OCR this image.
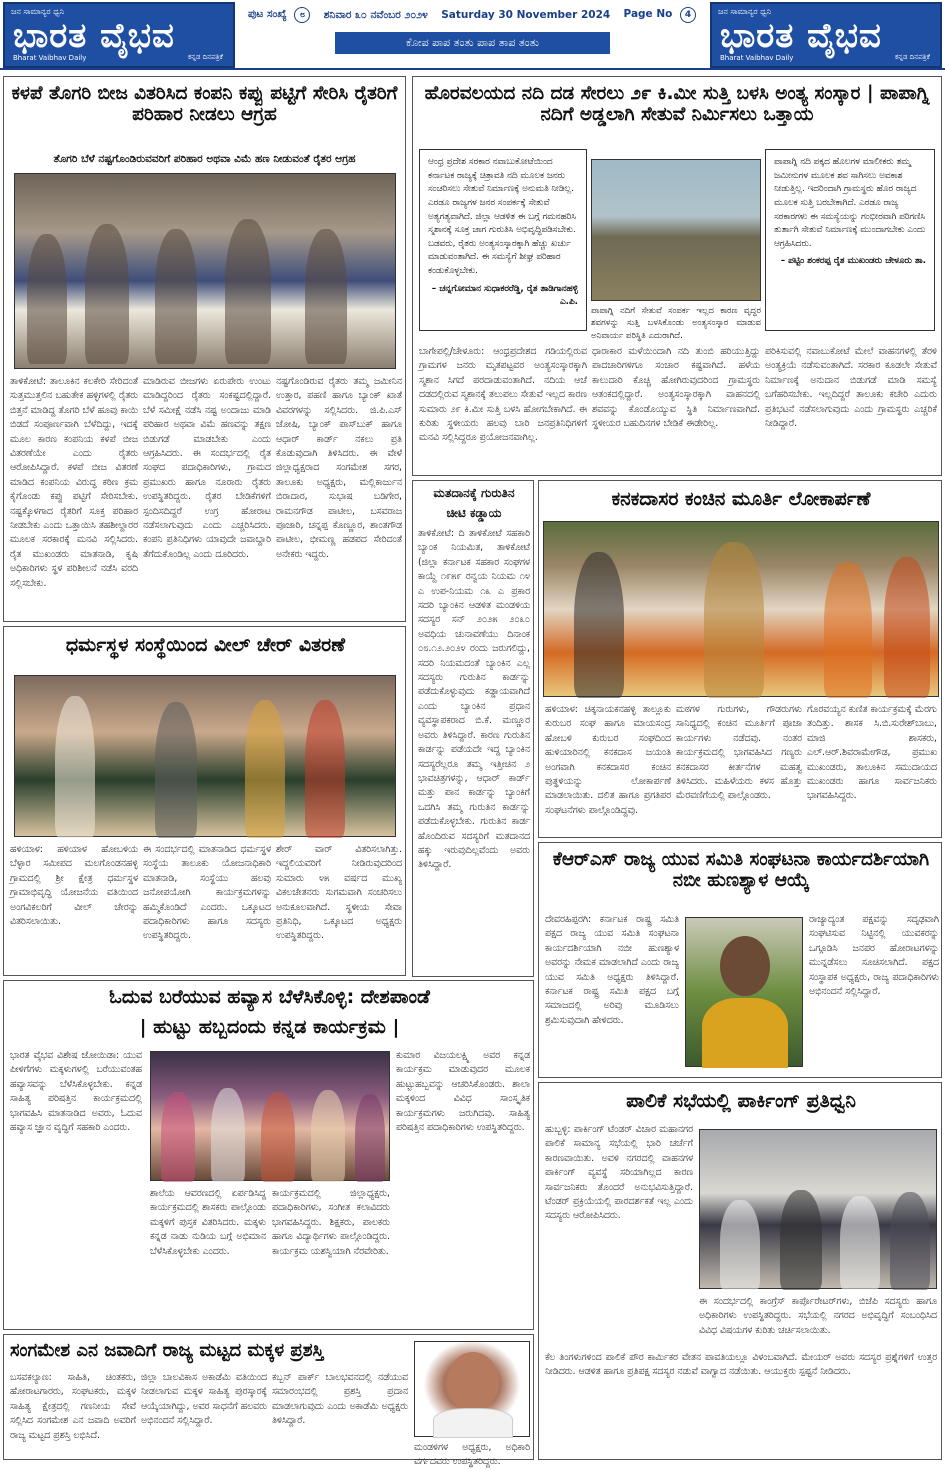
ಜನ ಸಾಮಾನ್ಯರ ಧ್ವನಿ
ಭಾರತ ವೈಭವ
Bharat Vaibhav Daily	ಕನ್ನಡ ದಿನಪತ್ರಿಕೆ
ಪುಟ ಸಂಖ್ಯೆ ೮	ಶನಿವಾರ ೩೦ ನವೆಂಬರ ೨೦೨೪ Saturday 30 November 2024 Page No 4
ಕೋಪ ಪಾಪ ತಂತು ಪಾಪ ತಾಪ ತಂತು
ಜನ ಸಾಮಾನ್ಯರ ಧ್ವನಿ
ಭಾರತ ವೈಭವ
Bharat Vaibhav Daily	ಕನ್ನಡ ದಿನಪತ್ರಿಕೆ
ಕಳಪೆ ತೊಗರಿ ಬೀಜ ವಿತರಿಸಿದ ಕಂಪನಿ ಕಪ್ಪು ಪಟ್ಟಿಗೆ ಸೇರಿಸಿ ರೈತರಿಗೆ ಪರಿಹಾರ ನೀಡಲು ಆಗ್ರಹ
ತೊಗರಿ ಬೆಳೆ ನಷ್ಟಗೊಂಡಿರುವವರಿಗೆ ಪರಿಹಾರ ಅಥವಾ ವಿಮೆ ಹಣ ನೀಡುವಂತೆ ರೈತರ ಆಗ್ರಹ
ತಾಳಿಕೋಟೆ: ತಾಲೂಕಿನ ಕಲಕೇರಿ ಸೇರಿದಂತೆ ಸುತ್ತಮುತ್ತಲಿನ ಬಹುತೇಕ ಹಳ್ಳಿಗಳಲ್ಲಿ ರೈತರು ಬಿತ್ತನೆ ಮಾಡಿದ್ದ ತೊಗರಿ ಬೆಳೆ ಹೂವು ಕಾಯಿ ಬಿಡದೆ ಸಂಪೂರ್ಣವಾಗಿ ಬೆಳೆದಿದ್ದು, ಇದಕ್ಕೆ ಮೂಲ ಕಾರಣ ಕಂಪನಿಯ ಕಳಪೆ ಬೀಜ ವಿತರಣೆಯೇ ಎಂದು ರೈತರು ಆರೋಪಿಸಿದ್ದಾರೆ. ಕಳಪೆ ಬೀಜ ವಿತರಣೆ ಮಾಡಿದ ಕಂಪನಿಯ ವಿರುದ್ಧ ಕಠಿಣ ಕ್ರಮ ಕೈಗೊಂಡು ಕಪ್ಪು ಪಟ್ಟಿಗೆ ಸೇರಿಸಬೇಕು. ನಷ್ಟಕ್ಕೊಳಗಾದ ರೈತರಿಗೆ ಸೂಕ್ತ ಪರಿಹಾರ ನೀಡಬೇಕು ಎಂದು ಒತ್ತಾಯಿಸಿ ತಹಶೀಲ್ದಾರರ ಮೂಲಕ ಸರಕಾರಕ್ಕೆ ಮನವಿ ಸಲ್ಲಿಸಿದರು. ರೈತ ಮುಖಂಡರು ಮಾತನಾಡಿ, ಕೃಷಿ ಅಧಿಕಾರಿಗಳು ಸ್ಥಳ ಪರಿಶೀಲನೆ ನಡೆಸಿ ವರದಿ ಸಲ್ಲಿಸಬೇಕು.
ಮಾಡಿರುವ ಬೀಜಗಳು ಏರುಪೇರು ಉಂಟು ಮಾಡಿದ್ದರಿಂದ ರೈತರು ಸಂಕಷ್ಟದಲ್ಲಿದ್ದಾರೆ. ಬೆಳೆ ಸಮೀಕ್ಷೆ ನಡೆಸಿ ನಷ್ಟ ಅಂದಾಜು ಮಾಡಿ ಪರಿಹಾರ ಅಥವಾ ವಿಮೆ ಹಣವನ್ನು ತಕ್ಷಣ ಬಿಡುಗಡೆ ಮಾಡಬೇಕು ಎಂದು ಆಗ್ರಹಿಸಿದರು. ಈ ಸಂದರ್ಭದಲ್ಲಿ ರೈತ ಸಂಘದ ಪದಾಧಿಕಾರಿಗಳು, ಗ್ರಾಮದ ಪ್ರಮುಖರು ಹಾಗೂ ನೂರಾರು ರೈತರು ಉಪಸ್ಥಿತರಿದ್ದರು. ರೈತರ ಬೇಡಿಕೆಗಳಿಗೆ ಸ್ಪಂದಿಸದಿದ್ದರೆ ಉಗ್ರ ಹೋರಾಟ ನಡೆಸಲಾಗುವುದು ಎಂದು ಎಚ್ಚರಿಸಿದರು. ಕಂಪನಿ ಪ್ರತಿನಿಧಿಗಳು ಯಾವುದೇ ಜವಾಬ್ದಾರಿ ತೆಗೆದುಕೊಂಡಿಲ್ಲ ಎಂದು ದೂರಿದರು.
ನಷ್ಟಗೊಂಡಿರುವ ರೈತರು ತಮ್ಮ ಜಮೀನಿನ ಉತ್ತಾರ, ಪಹಣಿ ಹಾಗೂ ಬ್ಯಾಂಕ್ ಖಾತೆ ವಿವರಗಳನ್ನು ಸಲ್ಲಿಸಿದರು. ಜಿ.ಪಿ.ಎಸ್ ಜೋಷಿ, ಬ್ಯಾಂಕ್ ಪಾಸ್‌ಬುಕ್ ಹಾಗೂ ಆಧಾರ್ ಕಾರ್ಡ್ ನಕಲು ಪ್ರತಿ ಕೊಡುವುದಾಗಿ ತಿಳಿಸಿದರು. ಈ ವೇಳೆ ಜಿಲ್ಲಾಧ್ಯಕ್ಷರಾದ ಸಂಗಮೇಶ ಸಗರ, ತಾಲೂಕು ಅಧ್ಯಕ್ಷರು, ಮಲ್ಲಿಕಾರ್ಜುನ ಬಿರಾದಾರ, ಸುಭಾಷ ಬಡಿಗೇರ, ರಾಮನಗೌಡ ಪಾಟೀಲ, ಬಸವರಾಜ ಪೂಜಾರಿ, ಚನ್ನಪ್ಪ ಕೊಣ್ಣೂರ, ಶಾಂತಗೌಡ ಪಾಟೀಲ, ಭೀಮಣ್ಣ ಹಡಪದ ಸೇರಿದಂತೆ ಅನೇಕರು ಇದ್ದರು.
ಹೊರವಲಯದ ನದಿ ದಡ ಸೇರಲು ೨೯ ಕಿ.ಮೀ ಸುತ್ತಿ ಬಳಸಿ ಅಂತ್ಯ ಸಂಸ್ಕಾರ | ಪಾಪಾಗ್ನಿ ನದಿಗೆ ಅಡ್ಡಲಾಗಿ ಸೇತುವೆ ನಿರ್ಮಿಸಲು ಒತ್ತಾಯ
ಆಂಧ್ರ ಪ್ರದೇಶ ಸರಕಾರ ನವಾಬುಕೋಟೆಯಿಂದ ಕರ್ನಾಟಕ ರಾಜ್ಯಕ್ಕೆ ಚಿತ್ರಾವತಿ ನದಿ ಮೂಲಕ ಜನರು ಸಂಚರಿಸಲು ಸೇತುವೆ ನಿರ್ಮಾಣಕ್ಕೆ ಅನುಮತಿ ನೀಡಿಲ್ಲ. ಎರಡೂ ರಾಜ್ಯಗಳ ಜನರ ಸಂಪರ್ಕಕ್ಕೆ ಸೇತುವೆ ಅತ್ಯಗತ್ಯವಾಗಿದೆ. ಜಿಲ್ಲಾ ಆಡಳಿತ ಈ ಬಗ್ಗೆ ಗಮನಹರಿಸಿ ಸ್ಮಶಾನಕ್ಕೆ ಸೂಕ್ತ ಜಾಗ ಗುರುತಿಸಿ ಅಭಿವೃದ್ಧಿಪಡಿಸಬೇಕು. ಬಡವರು, ರೈತರು ಅಂತ್ಯಸಂಸ್ಕಾರಕ್ಕಾಗಿ ಹೆಚ್ಚು ಖರ್ಚು ಮಾಡುವಂತಾಗಿದೆ. ಈ ಸಮಸ್ಯೆಗೆ ಶೀಘ್ರ ಪರಿಹಾರ ಕಂಡುಕೊಳ್ಳಬೇಕು.
– ಚನ್ನಗೋಮಾನ ಸುಧಾಕರರೆಡ್ಡಿ, ರೈತ ತಾಡಿಗಾನಹಳ್ಳಿ ಎ.ಪಿ.
ಪಾಪಾಗ್ನಿ ನದಿಗೆ ಸೇತುವೆ ಸಂಪರ್ಕ ಇಲ್ಲದ ಕಾರಣ ವೃದ್ಧರ ಶವಗಳನ್ನು ಸುತ್ತಿ ಬಳಸಿಕೊಂಡು ಅಂತ್ಯಸಂಸ್ಕಾರ ಮಾಡುವ ಅನಿವಾರ್ಯ ಪರಿಸ್ಥಿತಿ ಎದುರಾಗಿದೆ.
ಪಾಪಾಗ್ನಿ ನದಿ ಪಕ್ಕದ ಹೊಲಗಳ ಮಾಲೀಕರು ತಮ್ಮ ಜಮೀನುಗಳ ಮೂಲಕ ಶವ ಸಾಗಿಸಲು ಅವಕಾಶ ನೀಡುತ್ತಿಲ್ಲ. ಇದರಿಂದಾಗಿ ಗ್ರಾಮಸ್ಥರು ಹೊರ ರಾಜ್ಯದ ಮೂಲಕ ಸುತ್ತಿ ಬರಬೇಕಾಗಿದೆ. ಎರಡೂ ರಾಜ್ಯ ಸರಕಾರಗಳು ಈ ಸಮಸ್ಯೆಯನ್ನು ಗಂಭೀರವಾಗಿ ಪರಿಗಣಿಸಿ ತುರ್ತಾಗಿ ಸೇತುವೆ ನಿರ್ಮಾಣಕ್ಕೆ ಮುಂದಾಗಬೇಕು ಎಂದು ಆಗ್ರಹಿಸಿದರು.
– ಪಟ್ಟಿಂ ಶಂಕರಪ್ಪ ರೈತ ಮುಖಂಡರು ಚೇಳೂರು ತಾ.
ಬಾಗೇಪಲ್ಲಿ/ಚೇಳೂರು: ಆಂಧ್ರಪ್ರದೇಶದ ಗಡಿಯಲ್ಲಿರುವ ಗ್ರಾಮಗಳ ಜನರು ಮೃತಪಟ್ಟವರ ಅಂತ್ಯಸಂಸ್ಕಾರಕ್ಕಾಗಿ ಸ್ಮಶಾನ ಸಿಗದೆ ಪರದಾಡುವಂತಾಗಿದೆ. ನದಿಯ ಆಚೆ ದಡದಲ್ಲಿರುವ ಸ್ಮಶಾನಕ್ಕೆ ತಲುಪಲು ಸೇತುವೆ ಇಲ್ಲದ ಕಾರಣ ಸುಮಾರು ೨೯ ಕಿ.ಮೀ ಸುತ್ತಿ ಬಳಸಿ ಹೋಗಬೇಕಾಗಿದೆ. ಈ ಕುರಿತು ಸ್ಥಳೀಯರು ಹಲವು ಬಾರಿ ಜನಪ್ರತಿನಿಧಿಗಳಿಗೆ ಮನವಿ ಸಲ್ಲಿಸಿದ್ದರೂ ಪ್ರಯೋಜನವಾಗಿಲ್ಲ.
ಧಾರಾಕಾರ ಮಳೆಯಿಂದಾಗಿ ನದಿ ತುಂಬಿ ಹರಿಯುತ್ತಿದ್ದು ಪಾದಚಾರಿಗಳಿಗೂ ಸಂಚಾರ ಕಷ್ಟವಾಗಿದೆ. ಹಳೆಯ ಕಾಲುದಾರಿ ಕೊಚ್ಚಿ ಹೋಗಿರುವುದರಿಂದ ಗ್ರಾಮಸ್ಥರು ಆತಂಕದಲ್ಲಿದ್ದಾರೆ. ಅಂತ್ಯಸಂಸ್ಕಾರಕ್ಕಾಗಿ ವಾಹನದಲ್ಲಿ ಶವವನ್ನು ಕೊಂಡೊಯ್ಯುವ ಸ್ಥಿತಿ ನಿರ್ಮಾಣವಾಗಿದೆ. ಸ್ಥಳೀಯರ ಬಹುದಿನಗಳ ಬೇಡಿಕೆ ಈಡೇರಿಲ್ಲ.
ಪರಿಕಿಸುವಲ್ಲಿ ನವಾಬುಕೋಟೆ ಮೇಲೆ ವಾಹನಗಳಲ್ಲಿ ತೆರಳಿ ಅಂತ್ಯಕ್ರಿಯೆ ನಡೆಸುವಂತಾಗಿದೆ. ಸರಕಾರ ಕೂಡಲೇ ಸೇತುವೆ ನಿರ್ಮಾಣಕ್ಕೆ ಅನುದಾನ ಬಿಡುಗಡೆ ಮಾಡಿ ಸಮಸ್ಯೆ ಬಗೆಹರಿಸಬೇಕು. ಇಲ್ಲದಿದ್ದರೆ ತಾಲೂಕು ಕಚೇರಿ ಎದುರು ಪ್ರತಿಭಟನೆ ನಡೆಸಲಾಗುವುದು ಎಂದು ಗ್ರಾಮಸ್ಥರು ಎಚ್ಚರಿಕೆ ನೀಡಿದ್ದಾರೆ.
ಮತದಾನಕ್ಕೆ ಗುರುತಿನ
ಚೀಟಿ ಕಡ್ಡಾಯ
ತಾಳಿಕೋಟೆ: ದಿ ತಾಳಿಕೋಟೆ ಸಹಕಾರಿ ಬ್ಯಾಂಕ ನಿಯಮಿತ, ತಾಳಿಕೋಟೆ (ಜಿಲ್ಲಾ ಕರ್ನಾಟಕ ಸಹಕಾರ ಸಂಘಗಳ ಕಾಯ್ದೆ ೧೯೫೯ ರನ್ವಯ ನಿಯಮ ೧೪ ಎ ಉಪ-ನಿಯಮ ೧೩ ಎ ಪ್ರಕಾರ ಸದರಿ ಬ್ಯಾಂಕಿನ ಆಡಳಿತ ಮಂಡಳಿಯ ಸದಸ್ಯರ ಸನ್ ೨೦೨೫ ೨೦೩೦ ಅವಧಿಯ ಚುನಾವಣೆಯು ದಿನಾಂಕ ೦೮.೧೨.೨೦೨೪ ರಂದು ಜರುಗಲಿದ್ದು, ಸದರಿ ನಿಯಮದಂತೆ ಬ್ಯಾಂಕಿನ ಎಲ್ಲ ಸದಸ್ಯರು ಗುರುತಿನ ಕಾರ್ಡನ್ನು ಪಡೆದುಕೊಳ್ಳುವುದು ಕಡ್ಡಾಯವಾಗಿದೆ ಎಂದು ಬ್ಯಾಂಕಿನ ಪ್ರಧಾನ ವ್ಯವಸ್ಥಾಪಕರಾದ ಬಿ.ಕೆ. ಮಣ್ಣೂರ ಅವರು ತಿಳಿಸಿದ್ದಾರೆ. ಕಾರಣ ಗುರುತಿನ ಕಾರ್ಡನ್ನು ಪಡೆಯದೇ ಇದ್ದ ಬ್ಯಾಂಕಿನ ಸದಸ್ಯರೆಲ್ಲರೂ ತಮ್ಮ ಇತ್ತೀಚಿನ ೨ ಭಾವಚಿತ್ರಗಳನ್ನು, ಆಧಾರ್ ಕಾರ್ಡ್ ಮತ್ತು ಪಾನ ಕಾರ್ಡನ್ನು ಬ್ಯಾಂಕಿಗೆ ಒದಗಿಸಿ ತಮ್ಮ ಗುರುತಿನ ಕಾರ್ಡನ್ನು ಪಡೆದುಕೊಳ್ಳಬೇಕು. ಗುರುತಿನ ಕಾರ್ಡ ಹೊಂದಿರುವ ಸದಸ್ಯರಿಗೆ ಮತದಾನದ ಹಕ್ಕು ಇರುವುದಿಲ್ಲವೆಂದು ಅವರು ತಿಳಿಸಿದ್ದಾರೆ.
ಕನಕದಾಸರ ಕಂಚಿನ ಮೂರ್ತಿ ಲೋಕಾರ್ಪಣೆ
ಹಳಿಯಾಳ: ಚಿಕ್ಕನಾಯಕನಹಳ್ಳಿ ತಾಲ್ಲೂಕು ಕುರುಬರ ಸಂಘ ಹಾಗೂ ಮಾಯಸಂದ್ರ ಹೋಬಳಿ ಕುರುಬರ ಸಂಘದಿಂದ ಹುಳಿಯಾರಿನಲ್ಲಿ ಕನಕದಾಸ ಜಯಂತಿ ಅಂಗವಾಗಿ ಕನಕದಾಸರ ಕಂಚಿನ ಪುತ್ಥಳಿಯನ್ನು ಲೋಕಾರ್ಪಣೆ ಮಾಡಲಾಯಿತು. ದಲಿತ ಹಾಗೂ ಪ್ರಗತಿಪರ ಸಂಘಟನೆಗಳು ಪಾಲ್ಗೊಂಡಿದ್ದವು.
ಮಠಗಳ ಗುರುಗಳು, ಗೌಡರುಗಳು ಸಾನಿಧ್ಯದಲ್ಲಿ ಕಂಚಿನ ಮೂರ್ತಿಗೆ ಪೂಜಾ ಕಾರ್ಯಗಳು ನಡೆದವು. ನಂತರ ಕಾರ್ಯಕ್ರಮದಲ್ಲಿ ಭಾಗವಹಿಸಿದ ಗಣ್ಯರು ಕನಕದಾಸರ ಕೀರ್ತನೆಗಳ ಮಹತ್ವ ತಿಳಿಸಿದರು. ಮಹಿಳೆಯರು ಕಳಸ ಹೊತ್ತು ಮೆರವಣಿಗೆಯಲ್ಲಿ ಪಾಲ್ಗೊಂಡರು.
ಗೊರವಯ್ಯನ ಕುಣಿತ ಕಾರ್ಯಕ್ರಮಕ್ಕೆ ಮೆರಗು ತಂದಿತ್ತು. ಶಾಸಕ ಸಿ.ಬಿ.ಸುರೇಶ್‌ಬಾಬು, ಮಾಜಿ ಶಾಸಕರು, ಎಲ್.ಆರ್.ಶಿವರಾಮೇಗೌಡ, ಪ್ರಮುಖ ಮುಖಂಡರು, ತಾಲೂಕಿನ ಸಮುದಾಯದ ಮುಖಂಡರು ಹಾಗೂ ಸಾರ್ವಜನಿಕರು ಭಾಗವಹಿಸಿದ್ದರು.
ಕೆಆರ್‌ಎಸ್ ರಾಜ್ಯ ಯುವ ಸಮಿತಿ ಸಂಘಟನಾ ಕಾರ್ಯದರ್ಶಿಯಾಗಿ ನಬೀ ಹುಣಶ್ಯಾಳ ಆಯ್ಕೆ
ದೇವರಹಿಪ್ಪರಗಿ: ಕರ್ನಾಟಕ ರಾಷ್ಟ್ರ ಸಮಿತಿ ಪಕ್ಷದ ರಾಜ್ಯ ಯುವ ಸಮಿತಿ ಸಂಘಟನಾ ಕಾರ್ಯದರ್ಶಿಯಾಗಿ ನಬೀ ಹುಣಶ್ಯಾಳ ಅವರನ್ನು ನೇಮಕ ಮಾಡಲಾಗಿದೆ ಎಂದು ರಾಜ್ಯ ಯುವ ಸಮಿತಿ ಅಧ್ಯಕ್ಷರು ತಿಳಿಸಿದ್ದಾರೆ. ಕರ್ನಾಟಕ ರಾಷ್ಟ್ರ ಸಮಿತಿ ಪಕ್ಷದ ಬಗ್ಗೆ ಸಮಾಜದಲ್ಲಿ ಅರಿವು ಮೂಡಿಸಲು ಶ್ರಮಿಸುವುದಾಗಿ ಹೇಳಿದರು.
ರಾಜ್ಯಾದ್ಯಂತ ಪಕ್ಷವನ್ನು ಸದೃಢವಾಗಿ ಸಂಘಟಿಸುವ ನಿಟ್ಟಿನಲ್ಲಿ ಯುವಕರನ್ನು ಒಗ್ಗೂಡಿಸಿ ಜನಪರ ಹೋರಾಟಗಳನ್ನು ಮುನ್ನಡೆಸಲು ಸೂಚಿಸಲಾಗಿದೆ. ಪಕ್ಷದ ಸಂಸ್ಥಾಪಕ ಅಧ್ಯಕ್ಷರು, ರಾಜ್ಯ ಪದಾಧಿಕಾರಿಗಳು ಅಭಿನಂದನೆ ಸಲ್ಲಿಸಿದ್ದಾರೆ.
ಧರ್ಮಸ್ಥಳ ಸಂಸ್ಥೆಯಿಂದ ವೀಲ್ ಚೇರ್ ವಿತರಣೆ
ಹಳಿಯಾಳ: ಹಳಿಯಾಳ ಹೋಬಳಿಯ ಬೆಳ್ಳಾರ ಸಮೀಪದ ಮಲಗೊಂಡನಹಳ್ಳಿ ಗ್ರಾಮದಲ್ಲಿ ಶ್ರೀ ಕ್ಷೇತ್ರ ಧರ್ಮಸ್ಥಳ ಗ್ರಾಮಾಭಿವೃದ್ಧಿ ಯೋಜನೆಯ ವತಿಯಿಂದ ಅಂಗವಿಕಲರಿಗೆ ವೀಲ್ ಚೇರನ್ನು ವಿತರಿಸಲಾಯಿತು.
ಈ ಸಂದರ್ಭದಲ್ಲಿ ಮಾತನಾಡಿದ ಧರ್ಮಸ್ಥಳ ಸಂಸ್ಥೆಯ ತಾಲೂಕು ಯೋಜನಾಧಿಕಾರಿ ಮಾತನಾಡಿ, ಸಂಸ್ಥೆಯು ಹಲವು ಜನೋಪಯೋಗಿ ಕಾರ್ಯಕ್ರಮಗಳನ್ನು ಹಮ್ಮಿಕೊಂಡಿದೆ ಎಂದರು. ಒಕ್ಕೂಟದ ಪದಾಧಿಕಾರಿಗಳು ಹಾಗೂ ಸದಸ್ಯರು ಉಪಸ್ಥಿತರಿದ್ದರು.
ಶೇರ್ ವಾರ್ ವಿತರಿಸಲಾಗಿತ್ತು. ಇದ್ದಲಿಯವರಿಗೆ ನೀಡಿರುವುದರಿಂದ ಸುಮಾರು ೪೫ ವರ್ಷದ ಮುಖ್ಯ ವಿಕಲಚೇತನರು ಸುಗಮವಾಗಿ ಸಂಚರಿಸಲು ಅನುಕೂಲವಾಗಿದೆ. ಸ್ಥಳೀಯ ಸೇವಾ ಪ್ರತಿನಿಧಿ, ಒಕ್ಕೂಟದ ಅಧ್ಯಕ್ಷರು ಉಪಸ್ಥಿತರಿದ್ದರು.
ಓದುವ ಬರೆಯುವ ಹವ್ಯಾಸ ಬೆಳೆಸಿಕೊಳ್ಳಿ: ದೇಶಪಾಂಡೆ
| ಹುಟ್ಟು ಹಬ್ಬದಂದು ಕನ್ನಡ ಕಾರ್ಯಕ್ರಮ |
ಭಾರತ ವೈಭವ ವಿಶೇಷ ಜೋಯಿಡಾ: ಯುವ ಪೀಳಿಗೆಗಳು ಮಕ್ಕಳುಗಳಲ್ಲಿ ಬರೆಯುವಂತಹ ಹವ್ಯಾಸವನ್ನು ಬೆಳೆಸಿಕೊಳ್ಳಬೇಕು. ಕನ್ನಡ ಸಾಹಿತ್ಯ ಪರಿಷತ್ತಿನ ಕಾರ್ಯಕ್ರಮದಲ್ಲಿ ಭಾಗವಹಿಸಿ ಮಾತನಾಡಿದ ಅವರು, ಓದುವ ಹವ್ಯಾಸ ಜ್ಞಾನ ವೃದ್ಧಿಗೆ ಸಹಕಾರಿ ಎಂದರು.
ಶಾಲೆಯ ಆವರಣದಲ್ಲಿ ಏರ್ಪಡಿಸಿದ್ದ ಕಾರ್ಯಕ್ರಮದಲ್ಲಿ ಶಾಸಕರು ಪಾಲ್ಗೊಂಡು ಮಕ್ಕಳಿಗೆ ಪುಸ್ತಕ ವಿತರಿಸಿದರು. ಮಕ್ಕಳು ಕನ್ನಡ ನಾಡು ನುಡಿಯ ಬಗ್ಗೆ ಅಭಿಮಾನ ಬೆಳೆಸಿಕೊಳ್ಳಬೇಕು ಎಂದರು.
ಕಾರ್ಯಕ್ರಮದಲ್ಲಿ ಜಿಲ್ಲಾಧ್ಯಕ್ಷರು, ಪದಾಧಿಕಾರಿಗಳು, ಸಂಗೀತ ಕಲಾವಿದರು ಭಾಗವಹಿಸಿದ್ದರು. ಶಿಕ್ಷಕರು, ಪಾಲಕರು ಹಾಗೂ ವಿದ್ಯಾರ್ಥಿಗಳು ಪಾಲ್ಗೊಂಡಿದ್ದರು. ಕಾರ್ಯಕ್ರಮ ಯಶಸ್ವಿಯಾಗಿ ನೆರವೇರಿತು.
ಕುಮಾರ ವಿಜಯಲಕ್ಷ್ಮಿ ಅವರ ಕನ್ನಡ ಕಾರ್ಯಕ್ರಮ ಮಾಡುವುದರ ಮೂಲಕ ಹುಟ್ಟುಹಬ್ಬವನ್ನು ಆಚರಿಸಿಕೊಂಡರು. ಶಾಲಾ ಮಕ್ಕಳಿಂದ ವಿವಿಧ ಸಾಂಸ್ಕೃತಿಕ ಕಾರ್ಯಕ್ರಮಗಳು ಜರುಗಿದವು. ಸಾಹಿತ್ಯ ಪರಿಷತ್ತಿನ ಪದಾಧಿಕಾರಿಗಳು ಉಪಸ್ಥಿತರಿದ್ದರು.
ಪಾಲಿಕೆ ಸಭೆಯಲ್ಲಿ ಪಾರ್ಕಿಂಗ್ ಪ್ರತಿಧ್ವನಿ
ಹುಬ್ಬಳ್ಳಿ: ಪಾರ್ಕಿಂಗ್ ಟೆಂಡರ್ ವಿಚಾರ ಮಹಾನಗರ ಪಾಲಿಕೆ ಸಾಮಾನ್ಯ ಸಭೆಯಲ್ಲಿ ಭಾರಿ ಚರ್ಚೆಗೆ ಕಾರಣವಾಯಿತು. ಅವಳಿ ನಗರದಲ್ಲಿ ವಾಹನಗಳ ಪಾರ್ಕಿಂಗ್ ವ್ಯವಸ್ಥೆ ಸರಿಯಾಗಿಲ್ಲದ ಕಾರಣ ಸಾರ್ವಜನಿಕರು ತೊಂದರೆ ಅನುಭವಿಸುತ್ತಿದ್ದಾರೆ. ಟೆಂಡರ್ ಪ್ರಕ್ರಿಯೆಯಲ್ಲಿ ಪಾರದರ್ಶಕತೆ ಇಲ್ಲ ಎಂದು ಸದಸ್ಯರು ಆರೋಪಿಸಿದರು.
ಈ ಸಂದರ್ಭದಲ್ಲಿ ಕಾಂಗ್ರೆಸ್ ಕಾರ್ಪೊರೇಟರ್‌ಗಳು, ಬಿಜೆಪಿ ಸದಸ್ಯರು ಹಾಗೂ ಅಧಿಕಾರಿಗಳು ಉಪಸ್ಥಿತರಿದ್ದರು. ಸಭೆಯಲ್ಲಿ ನಗರದ ಅಭಿವೃದ್ಧಿಗೆ ಸಂಬಂಧಿಸಿದ ವಿವಿಧ ವಿಷಯಗಳ ಕುರಿತು ಚರ್ಚಿಸಲಾಯಿತು.
ಕೆಲ ತಿಂಗಳುಗಳಿಂದ ಪಾಲಿಕೆ ಪೌರ ಕಾರ್ಮಿಕರ ವೇತನ ಪಾವತಿಯಲ್ಲೂ ವಿಳಂಬವಾಗಿದೆ. ಮೇಯರ್ ಅವರು ಸದಸ್ಯರ ಪ್ರಶ್ನೆಗಳಿಗೆ ಉತ್ತರ ನೀಡಿದರು. ಆಡಳಿತ ಹಾಗೂ ಪ್ರತಿಪಕ್ಷ ಸದಸ್ಯರ ನಡುವೆ ವಾಗ್ವಾದ ನಡೆಯಿತು. ಆಯುಕ್ತರು ಸ್ಪಷ್ಟನೆ ನೀಡಿದರು.
ಸಂಗಮೇಶ ಎನ ಜವಾದಿಗೆ ರಾಜ್ಯ ಮಟ್ಟದ ಮಕ್ಕಳ ಪ್ರಶಸ್ತಿ
ಬಸವಕಲ್ಯಾಣ: ಸಾಹಿತಿ, ಚಿಂತಕರು, ಹೋರಾಟಗಾರರು, ಸಂಘಟಕರು, ಮಕ್ಕಳ ಸಾಹಿತ್ಯ ಕ್ಷೇತ್ರದಲ್ಲಿ ಗಣನೀಯ ಸೇವೆ ಸಲ್ಲಿಸಿದ ಸಂಗಮೇಶ ಎನ ಜವಾದಿ ಅವರಿಗೆ ರಾಜ್ಯ ಮಟ್ಟದ ಪ್ರಶಸ್ತಿ ಲಭಿಸಿದೆ.
ಜಿಲ್ಲಾ ಬಾಲವಿಕಾಸ ಅಕಾಡೆಮಿ ವತಿಯಿಂದ ನೀಡಲಾಗುವ ಮಕ್ಕಳ ಸಾಹಿತ್ಯ ಪುರಸ್ಕಾರಕ್ಕೆ ಆಯ್ಕೆಯಾಗಿದ್ದು, ಅವರ ಸಾಧನೆಗೆ ಹಲವರು ಅಭಿನಂದನೆ ಸಲ್ಲಿಸಿದ್ದಾರೆ.
ಕಬ್ಬನ್ ಪಾರ್ಕ್ ಬಾಲಭವನದಲ್ಲಿ ನಡೆಯುವ ಸಮಾರಂಭದಲ್ಲಿ ಪ್ರಶಸ್ತಿ ಪ್ರದಾನ ಮಾಡಲಾಗುವುದು ಎಂದು ಅಕಾಡೆಮಿ ಅಧ್ಯಕ್ಷರು ತಿಳಿಸಿದ್ದಾರೆ.
ಮಂಡಳಿಗಳ ಅಧ್ಯಕ್ಷರು, ಅಧಿಕಾರಿ ವರ್ಗದವರು ಉಪಸ್ಥಿತರಿದ್ದರು.
